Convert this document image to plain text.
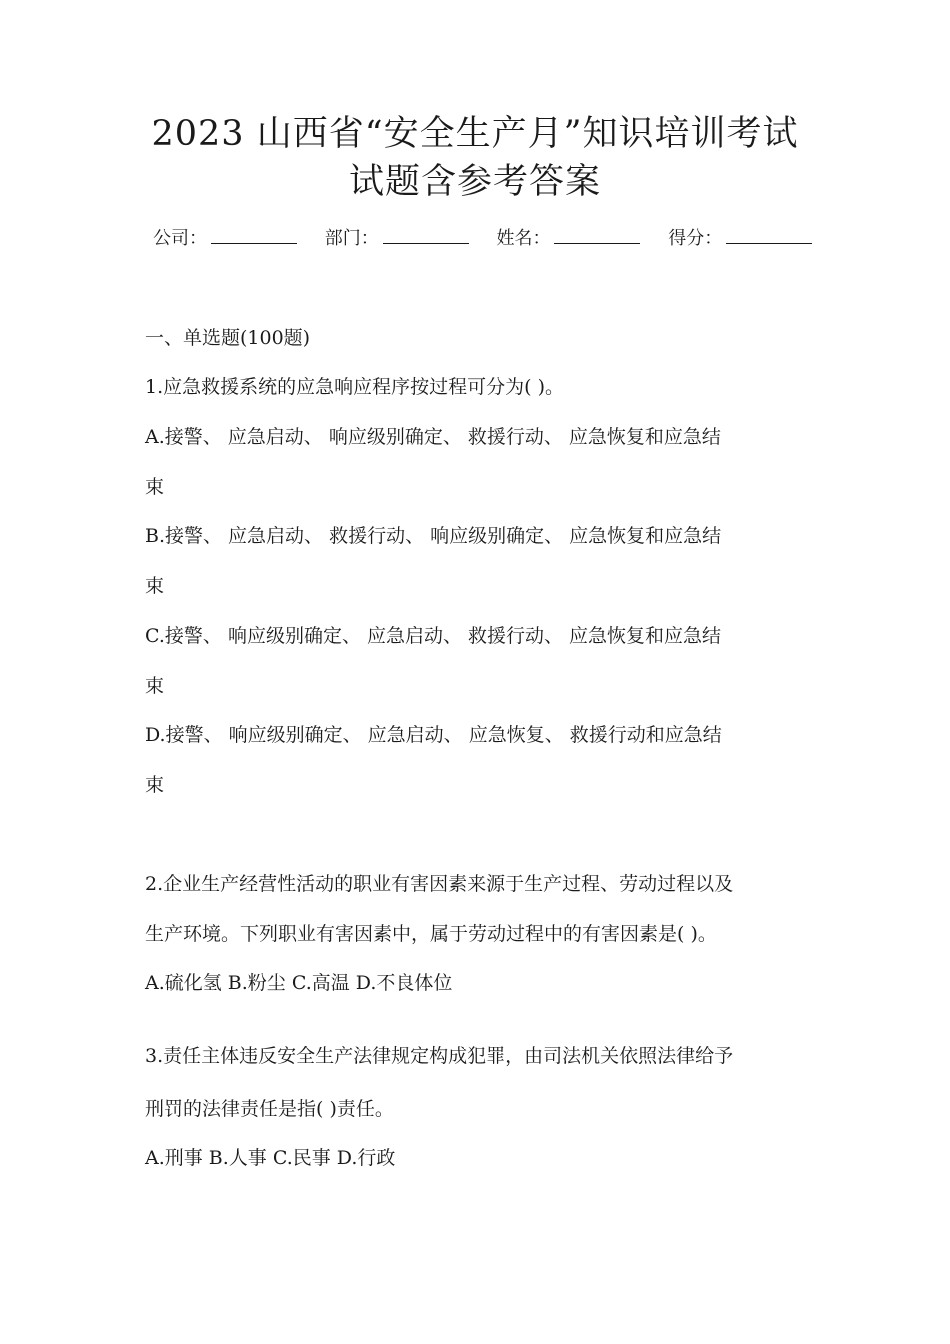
2023 山西省“安全生产月”知识培训考试
试题含参考答案
公司：	部门：	姓名：	得分：
一、单选题(100题)
1.应急救援系统的应急响应程序按过程可分为( )。
A.接警、 应急启动、 响应级别确定、 救援行动、 应急恢复和应急结
束
B.接警、 应急启动、 救援行动、 响应级别确定、 应急恢复和应急结
束
C.接警、 响应级别确定、 应急启动、 救援行动、 应急恢复和应急结
束
D.接警、 响应级别确定、 应急启动、 应急恢复、 救援行动和应急结
束
2.企业生产经营性活动的职业有害因素来源于生产过程、劳动过程以及
生产环境。下列职业有害因素中，属于劳动过程中的有害因素是( )。
A.硫化氢 B.粉尘 C.高温 D.不良体位
3.责任主体违反安全生产法律规定构成犯罪，由司法机关依照法律给予
刑罚的法律责任是指( )责任。
A.刑事 B.人事 C.民事 D.行政
